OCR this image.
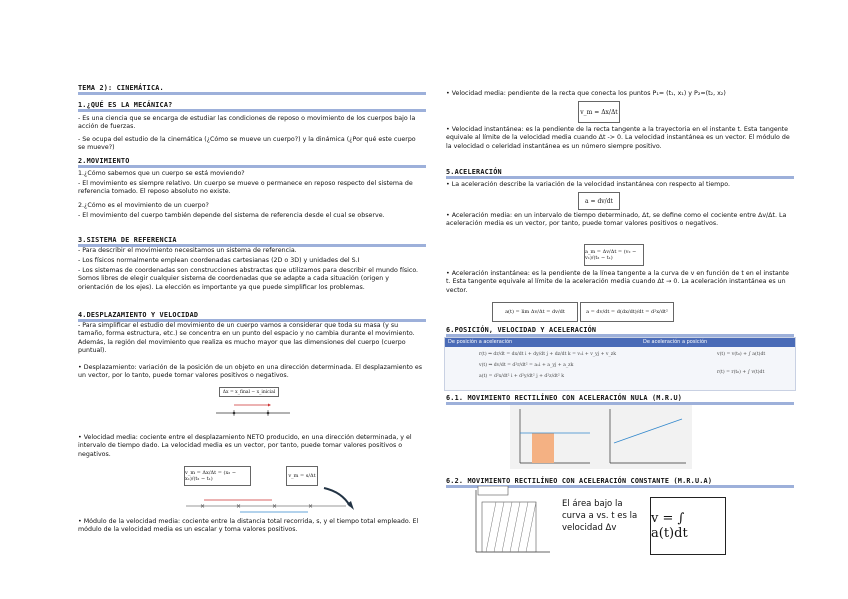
TEMA 2): CINEMÁTICA.
1.¿QUÉ ES LA MECÁNICA?
- Es una ciencia que se encarga de estudiar las condiciones de reposo o movimiento de los cuerpos bajo la acción de fuerzas.
- Se ocupa del estudio de la cinemática (¿Cómo se mueve un cuerpo?) y la dinámica (¿Por qué este cuerpo se mueve?)
2.MOVIMIENTO
1.¿Cómo sabemos que un cuerpo se está moviendo?
- El movimiento es siempre relativo. Un cuerpo se mueve o permanece en reposo respecto del sistema de referencia tomado. El reposo absoluto no existe.
2.¿Cómo es el movimiento de un cuerpo?
- El movimiento del cuerpo también depende del sistema de referencia desde el cual se observe.
3.SISTEMA DE REFERENCIA
- Para describir el movimiento necesitamos un sistema de referencia.
- Los físicos normalmente emplean coordenadas cartesianas (2D o 3D) y unidades del S.I
- Los sistemas de coordenadas son construcciones abstractas que utilizamos para describir el mundo físico. Somos libres de elegir cualquier sistema de coordenadas que se adapte a cada situación (origen y orientación de los ejes). La elección es importante ya que puede simplificar los problemas.
4.DESPLAZAMIENTO Y VELOCIDAD
- Para simplificar el estudio del movimiento de un cuerpo vamos a considerar que toda su masa (y su tamaño, forma estructura, etc.) se concentra en un punto del espacio y no cambia durante el movimiento. Además, la región del movimiento que realiza es mucho mayor que las dimensiones del cuerpo (cuerpo puntual).
• Desplazamiento: variación de la posición de un objeto en una dirección determinada. El desplazamiento es un vector, por lo tanto, puede tomar valores positivos o negativos.
Δx = x_final − x_inicial
• Velocidad media: cociente entre el desplazamiento NETO producido, en una dirección determinada, y el intervalo de tiempo dado. La velocidad media es un vector, por tanto, puede tomar valores positivos o negativos.
v_m = Δx/Δt = (x₂ − x₁)/(t₂ − t₁)	v_m = s/Δt
×	×	×	×
• Módulo de la velocidad media: cociente entre la distancia total recorrida, s, y el tiempo total empleado. El módulo de la velocidad media es un escalar y toma valores positivos.
• Velocidad media: pendiente de la recta que conecta los puntos P₁= (t₁, x₁) y P₂=(t₂, x₂)
v_m = Δx/Δt
• Velocidad instantánea: es la pendiente de la recta tangente a la trayectoria en el instante t. Esta tangente equivale al límite de la velocidad media cuando Δt -> 0. La velocidad instantánea es un vector. El módulo de la velocidad o celeridad instantánea es un número siempre positivo.
5.ACELERACIÓN
• La aceleración describe la variación de la velocidad instantánea con respecto al tiempo.
a = dv/dt
• Aceleración media: en un intervalo de tiempo determinado, Δt, se define como el cociente entre Δv/Δt. La aceleración media es un vector, por tanto, puede tomar valores positivos o negativos.
a_m = Δv/Δt = (v₂ − v₁)/(t₂ − t₁)
• Aceleración instantánea: es la pendiente de la línea tangente a la curva de v en función de t en el instante t. Esta tangente equivale al límite de la aceleración media cuando Δt → 0. La aceleración instantánea es un vector.
a(t) = lim Δv/Δt = dv/dt	a = dv/dt = d(dx/dt)/dt = d²x/dt²
6.POSICIÓN, VELOCIDAD Y ACELERACIÓN
De posición a aceleración	De aceleración a posición
r(t) ⇒ dr/dt = dx/dt i + dy/dt j + dz/dt k = vₓi + v_yj + v_zk
v(t) ⇒ dv/dt = d²r/dt² = aₓi + a_yj + a_zk
a(t) = d²x/dt² i + d²y/dt² j + d²z/dt² k
v(t) = v(t₀) + ∫ a(t)dt
r(t) = r(t₀) + ∫ v(t)dt
6.1. MOVIMIENTO RECTILÍNEO CON ACELERACIÓN NULA (M.R.U)
6.2. MOVIMIENTO RECTILÍNEO CON ACELERACIÓN CONSTANTE (M.R.U.A)
El área bajo la curva a vs. t es la velocidad Δv
v = ∫ a(t)dt
